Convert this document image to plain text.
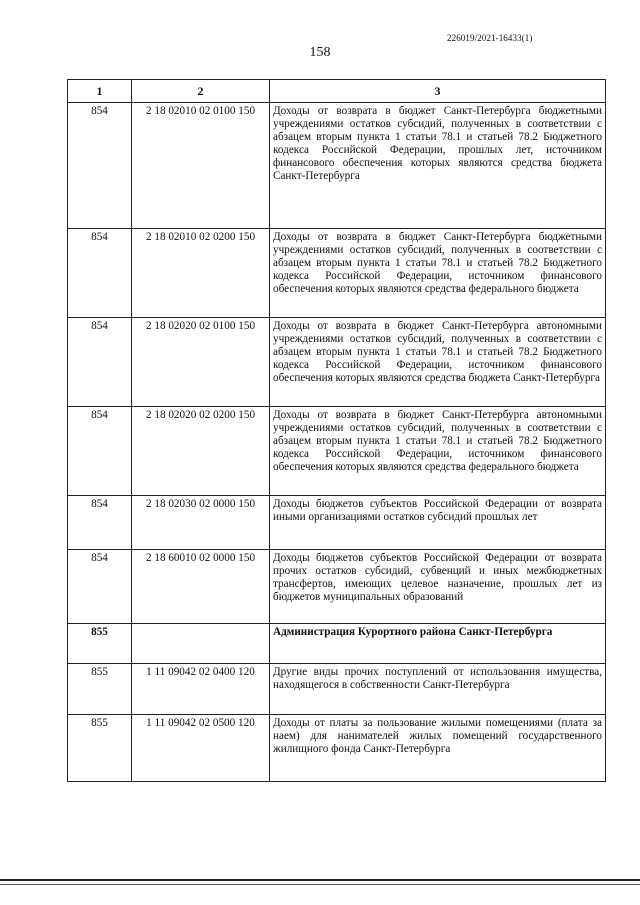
226019/2021-16433(1)
158
1	2	3
854	2 18 02010 02 0100 150	Доходы от возврата в бюджет Санкт-Петербурга бюджетными учреждениями остатков субсидий, полученных в соответствии с абзацем вторым пункта 1 статьи 78.1 и статьей 78.2 Бюджетного кодекса Российской Федерации, прошлых лет, источником финансового обеспечения которых являются средства бюджета Санкт-Петербурга
854	2 18 02010 02 0200 150	Доходы от возврата в бюджет Санкт-Петербурга бюджетными учреждениями остатков субсидий, полученных в соответствии с абзацем вторым пункта 1 статьи 78.1 и статьей 78.2 Бюджетного кодекса Российской Федерации, источником финансового обеспечения которых являются средства федерального бюджета
854	2 18 02020 02 0100 150	Доходы от возврата в бюджет Санкт-Петербурга автономными учреждениями остатков субсидий, полученных в соответствии с абзацем вторым пункта 1 статьи 78.1 и статьей 78.2 Бюджетного кодекса Российской Федерации, источником финансового обеспечения которых являются средства бюджета Санкт-Петербурга
854	2 18 02020 02 0200 150	Доходы от возврата в бюджет Санкт-Петербурга автономными учреждениями остатков субсидий, полученных в соответствии с абзацем вторым пункта 1 статьи 78.1 и статьей 78.2 Бюджетного кодекса Российской Федерации, источником финансового обеспечения которых являются средства федерального бюджета
854	2 18 02030 02 0000 150	Доходы бюджетов субъектов Российской Федерации от возврата иными организациями остатков субсидий прошлых лет
854	2 18 60010 02 0000 150	Доходы бюджетов субъектов Российской Федерации от возврата прочих остатков субсидий, субвенций и иных межбюджетных трансфертов, имеющих целевое назначение, прошлых лет из бюджетов муниципальных образований
855		Администрация Курортного района Санкт-Петербурга
855	1 11 09042 02 0400 120	Другие виды прочих поступлений от использования имущества, находящегося в собственности Санкт-Петербурга
855	1 11 09042 02 0500 120	Доходы от платы за пользование жилыми помещениями (плата за наем) для нанимателей жилых помещений государственного жилищного фонда Санкт-Петербурга
